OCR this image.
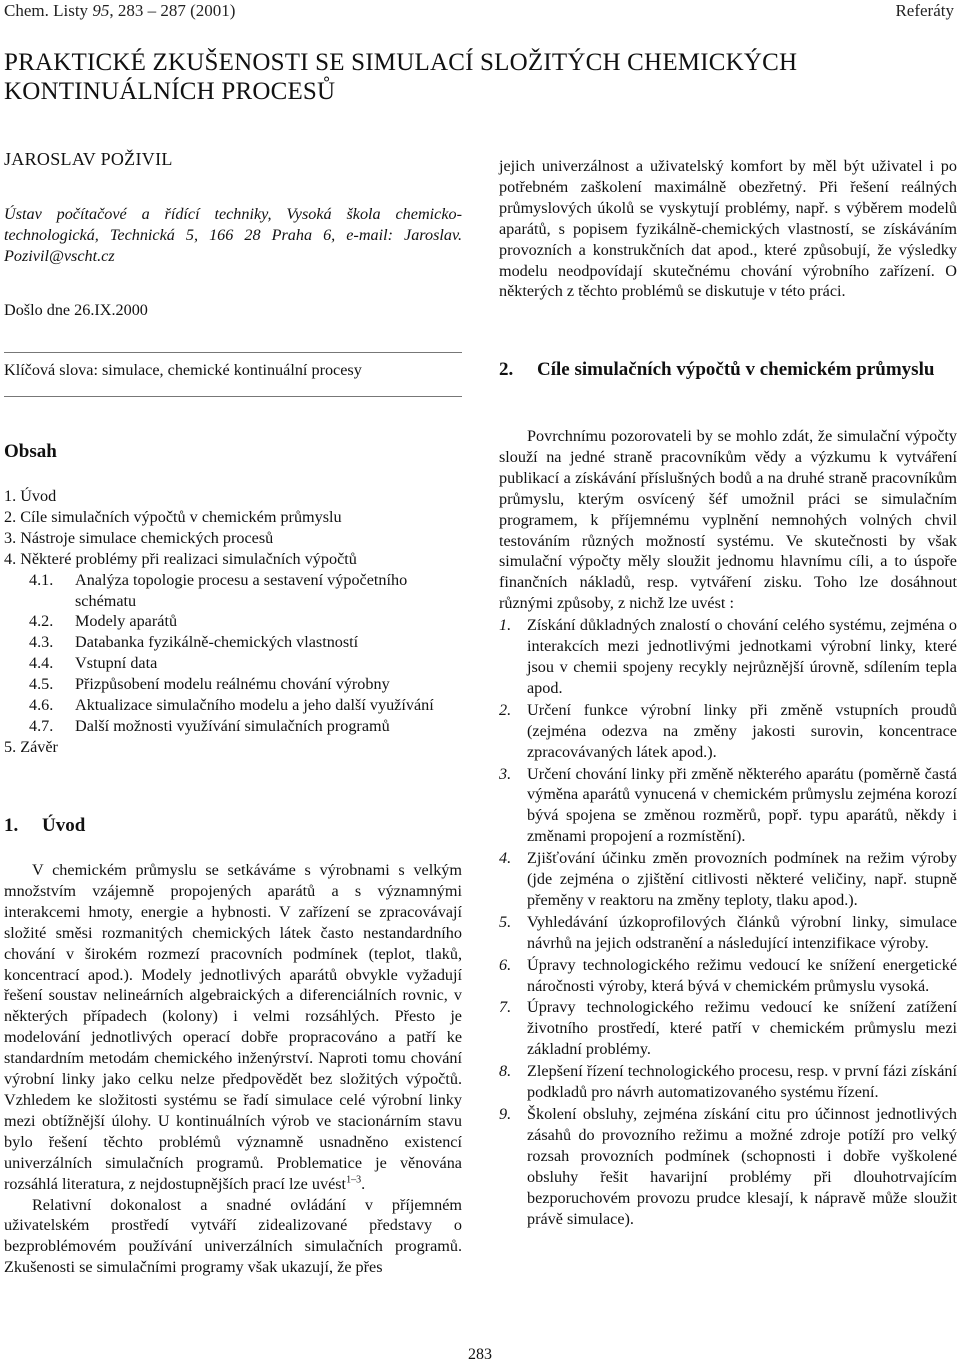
Chem. Listy 95, 283 – 287 (2001)	Referáty
PRAKTICKÉ ZKUŠENOSTI SE SIMULACÍ SLOŽITÝCH CHEMICKÝCH KONTINUÁLNÍCH PROCESŮ
JAROSLAV POŽIVIL
Ústav počítačové a řídící techniky, Vysoká škola chemicko-technologická, Technická 5, 166 28 Praha 6, e-mail: Jaroslav. Pozivil@vscht.cz
Došlo dne 26.IX.2000
Klíčová slova: simulace, chemické kontinuální procesy
Obsah
1. Úvod
2. Cíle simulačních výpočtů v chemickém průmyslu
3. Nástroje simulace chemických procesů
4. Některé problémy při realizaci simulačních výpočtů
4.1.	Analýza topologie procesu a sestavení výpočetního schématu
4.2.	Modely aparátů
4.3.	Databanka fyzikálně-chemických vlastností
4.4.	Vstupní data
4.5.	Přizpůsobení modelu reálnému chování výrobny
4.6.	Aktualizace simulačního modelu a jeho další využívání
4.7.	Další možnosti využívání simulačních programů
5. Závěr
1. Úvod

V chemickém průmyslu se setkáváme s výrobnami s velkým množstvím vzájemně propojených aparátů a s významnými interakcemi hmoty, energie a hybnosti. V zařízení se zpracovávají složité směsi rozmanitých chemických látek často nestandardního chování v širokém rozmezí pracovních podmínek (teplot, tlaků, koncentrací apod.). Modely jednotlivých aparátů obvykle vyžadují řešení soustav nelineárních algebraických a diferenciálních rovnic, v některých případech (kolony) i velmi rozsáhlých. Přesto je modelování jednotlivých operací dobře propracováno a patří ke standardním metodám chemického inženýrství. Naproti tomu chování výrobní linky jako celku nelze předpovědět bez složitých výpočtů. Vzhledem ke složitosti systému se řadí simulace celé výrobní linky mezi obtížnější úlohy. U kontinuálních výrob ve stacionárním stavu bylo řešení těchto problémů významně usnadněno existencí univerzálních simulačních programů. Problematice je věnována rozsáhlá literatura, z nejdostupnějších prací lze uvést$^{1-3}$.

Relativní dokonalost a snadné ovládání v příjemném uživatelském prostředí vytváří zidealizované představy o bezproblémovém používání univerzálních simulačních programů. Zkušenosti se simulačními programy však ukazují, že přes

jejich univerzálnost a uživatelský komfort by měl být uživatel i po potřebném zaškolení maximálně obezřetný. Při řešení reálných průmyslových úkolů se vyskytují problémy, např. s výběrem modelů aparátů, s popisem fyzikálně-chemických vlastností, se získáváním provozních a konstrukčních dat apod., které způsobují, že výsledky modelu neodpovídají skutečnému chování výrobního zařízení. O některých z těchto problémů se diskutuje v této práci.

2.	Cíle simulačních výpočtů v chemickém průmyslu

Povrchnímu pozorovateli by se mohlo zdát, že simulační výpočty slouží na jedné straně pracovníkům vědy a výzkumu k vytváření publikací a získávání příslušných bodů a na druhé straně pracovníkům průmyslu, kterým osvícený šéf umožnil práci se simulačním programem, k příjemnému vyplnění nemnohých volných chvil testováním různých možností systému. Ve skutečnosti by však simulační výpočty měly sloužit jednomu hlavnímu cíli, a to úspoře finančních nákladů, resp. vytváření zisku. Toho lze dosáhnout různými způsoby, z nichž lze uvést :

1. Získání důkladných znalostí o chování celého systému, zejména o interakcích mezi jednotlivými jednotkami výrobní linky, které jsou v chemii spojeny recykly nejrůznější úrovně, sdílením tepla apod.
2. Určení funkce výrobní linky při změně vstupních proudů (zejména odezva na změny jakosti surovin, koncentrace zpracovávaných látek apod.).
3. Určení chování linky při změně některého aparátu (poměrně častá výměna aparátů vynucená v chemickém průmyslu zejména korozí bývá spojena se změnou rozměrů, popř. typu aparátů, někdy i změnami propojení a rozmístění).
4. Zjišťování účinku změn provozních podmínek na režim výroby (jde zejména o zjištění citlivosti některé veličiny, např. stupně přeměny v reaktoru na změny teploty, tlaku apod.).
5. Vyhledávání úzkoprofilových článků výrobní linky, simulace návrhů na jejich odstranění a následující intenzifikace výroby.
6. Úpravy technologického režimu vedoucí ke snížení energetické náročnosti výroby, která bývá v chemickém průmyslu vysoká.
7. Úpravy technologického režimu vedoucí ke snížení zatížení životního prostředí, které patří v chemickém průmyslu mezi základní problémy.
8. Zlepšení řízení technologického procesu, resp. v první fázi získání podkladů pro návrh automatizovaného systému řízení.
9. Školení obsluhy, zejména získání citu pro účinnost jednotlivých zásahů do provozního režimu a možné zdroje potíží pro velký rozsah provozních podmínek (schopnosti i dobře vyškolené obsluhy řešit havarijní problémy při dlouhotrvajícím bezporuchovém provozu prudce klesají, k nápravě může sloužit právě simulace).
283
